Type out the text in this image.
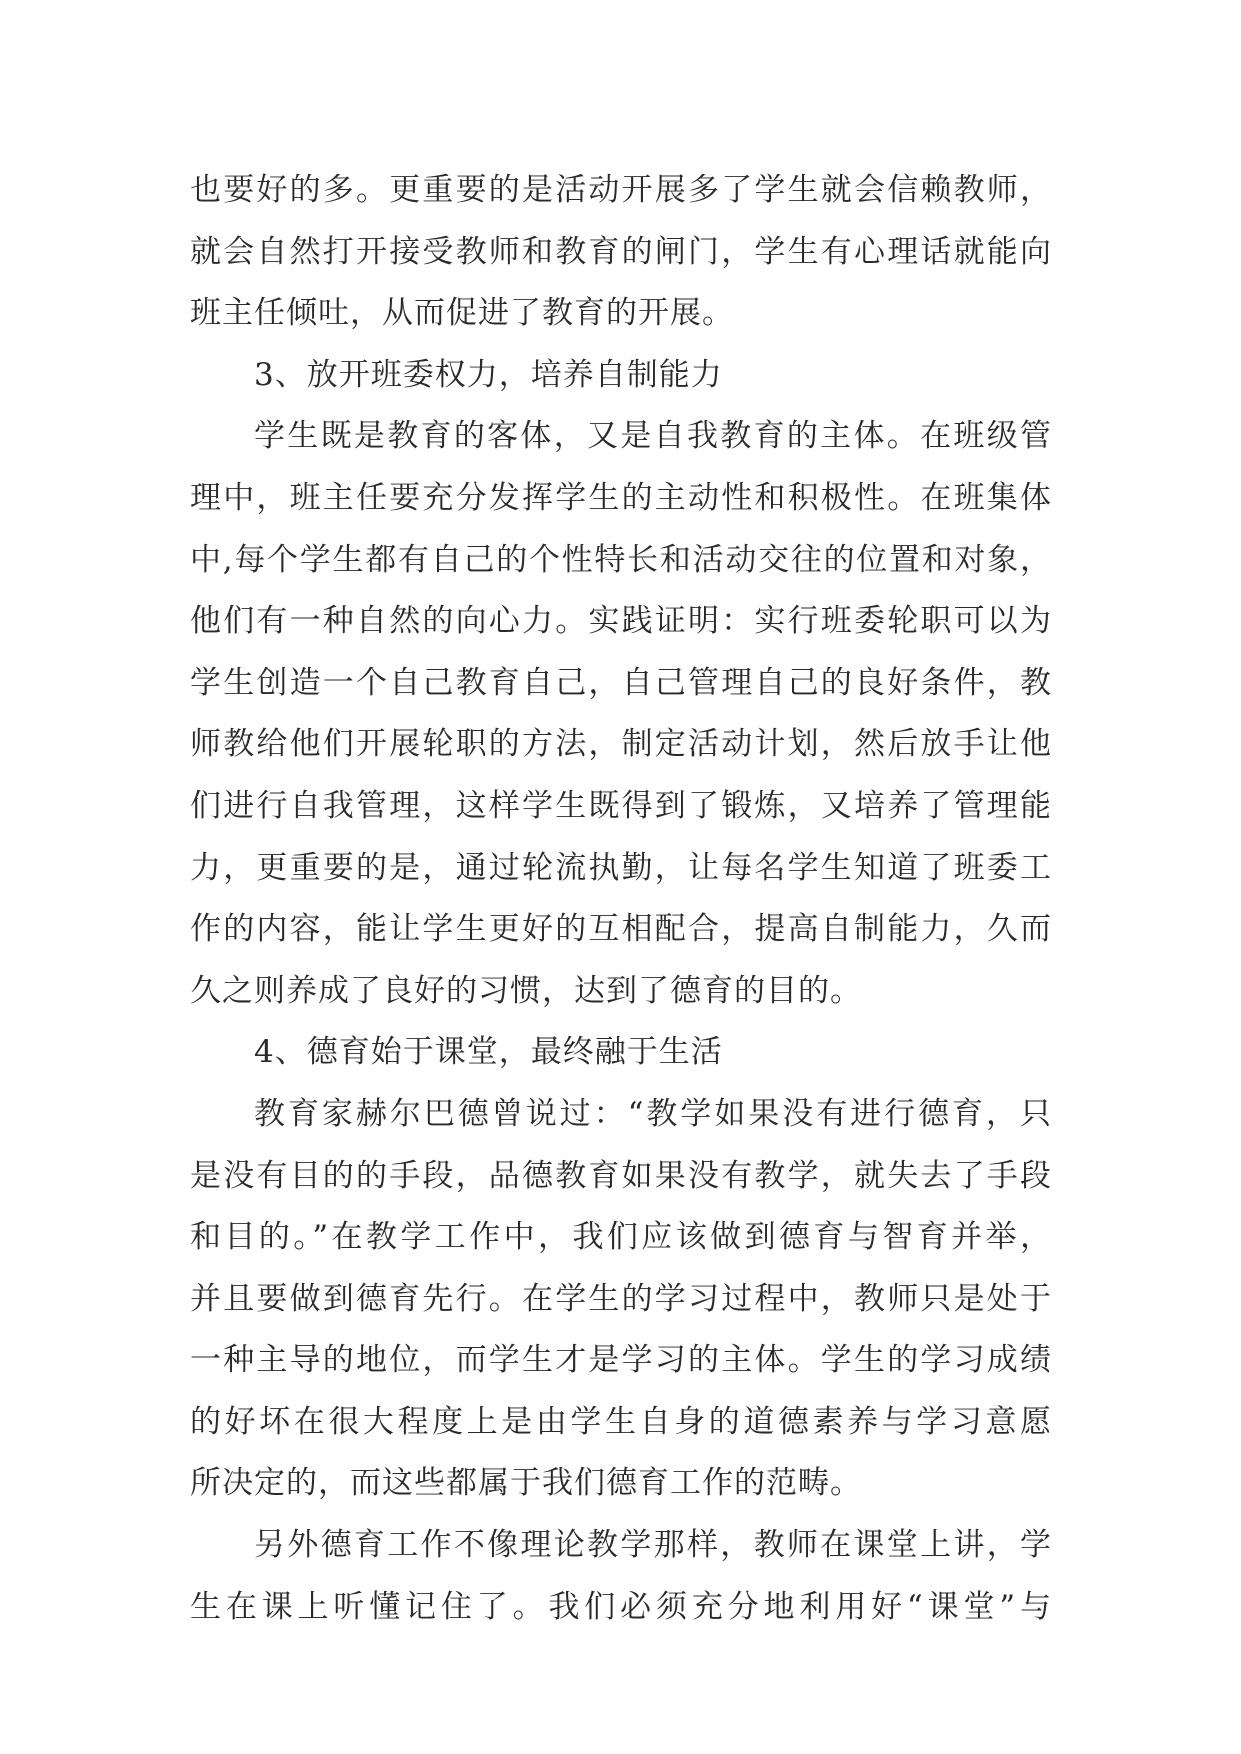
也要好的多。更重要的是活动开展多了学生就会信赖教师，
就会自然打开接受教师和教育的闸门，学生有心理话就能向
班主任倾吐，从而促进了教育的开展。
3、放开班委权力，培养自制能力
学生既是教育的客体，又是自我教育的主体。在班级管
理中，班主任要充分发挥学生的主动性和积极性。在班集体
中,每个学生都有自己的个性特长和活动交往的位置和对象，
他们有一种自然的向心力。实践证明：实行班委轮职可以为
学生创造一个自己教育自己，自己管理自己的良好条件，教
师教给他们开展轮职的方法，制定活动计划，然后放手让他
们进行自我管理，这样学生既得到了锻炼，又培养了管理能
力，更重要的是，通过轮流执勤，让每名学生知道了班委工
作的内容，能让学生更好的互相配合，提高自制能力，久而
久之则养成了良好的习惯，达到了德育的目的。
4、德育始于课堂，最终融于生活
教育家赫尔巴德曾说过：“教学如果没有进行德育，只
是没有目的的手段，品德教育如果没有教学，就失去了手段
和目的。”在教学工作中，我们应该做到德育与智育并举，
并且要做到德育先行。在学生的学习过程中，教师只是处于
一种主导的地位，而学生才是学习的主体。学生的学习成绩
的好坏在很大程度上是由学生自身的道德素养与学习意愿
所决定的，而这些都属于我们德育工作的范畴。
另外德育工作不像理论教学那样，教师在课堂上讲，学
生在课上听懂记住了。我们必须充分地利用好“课堂”与
